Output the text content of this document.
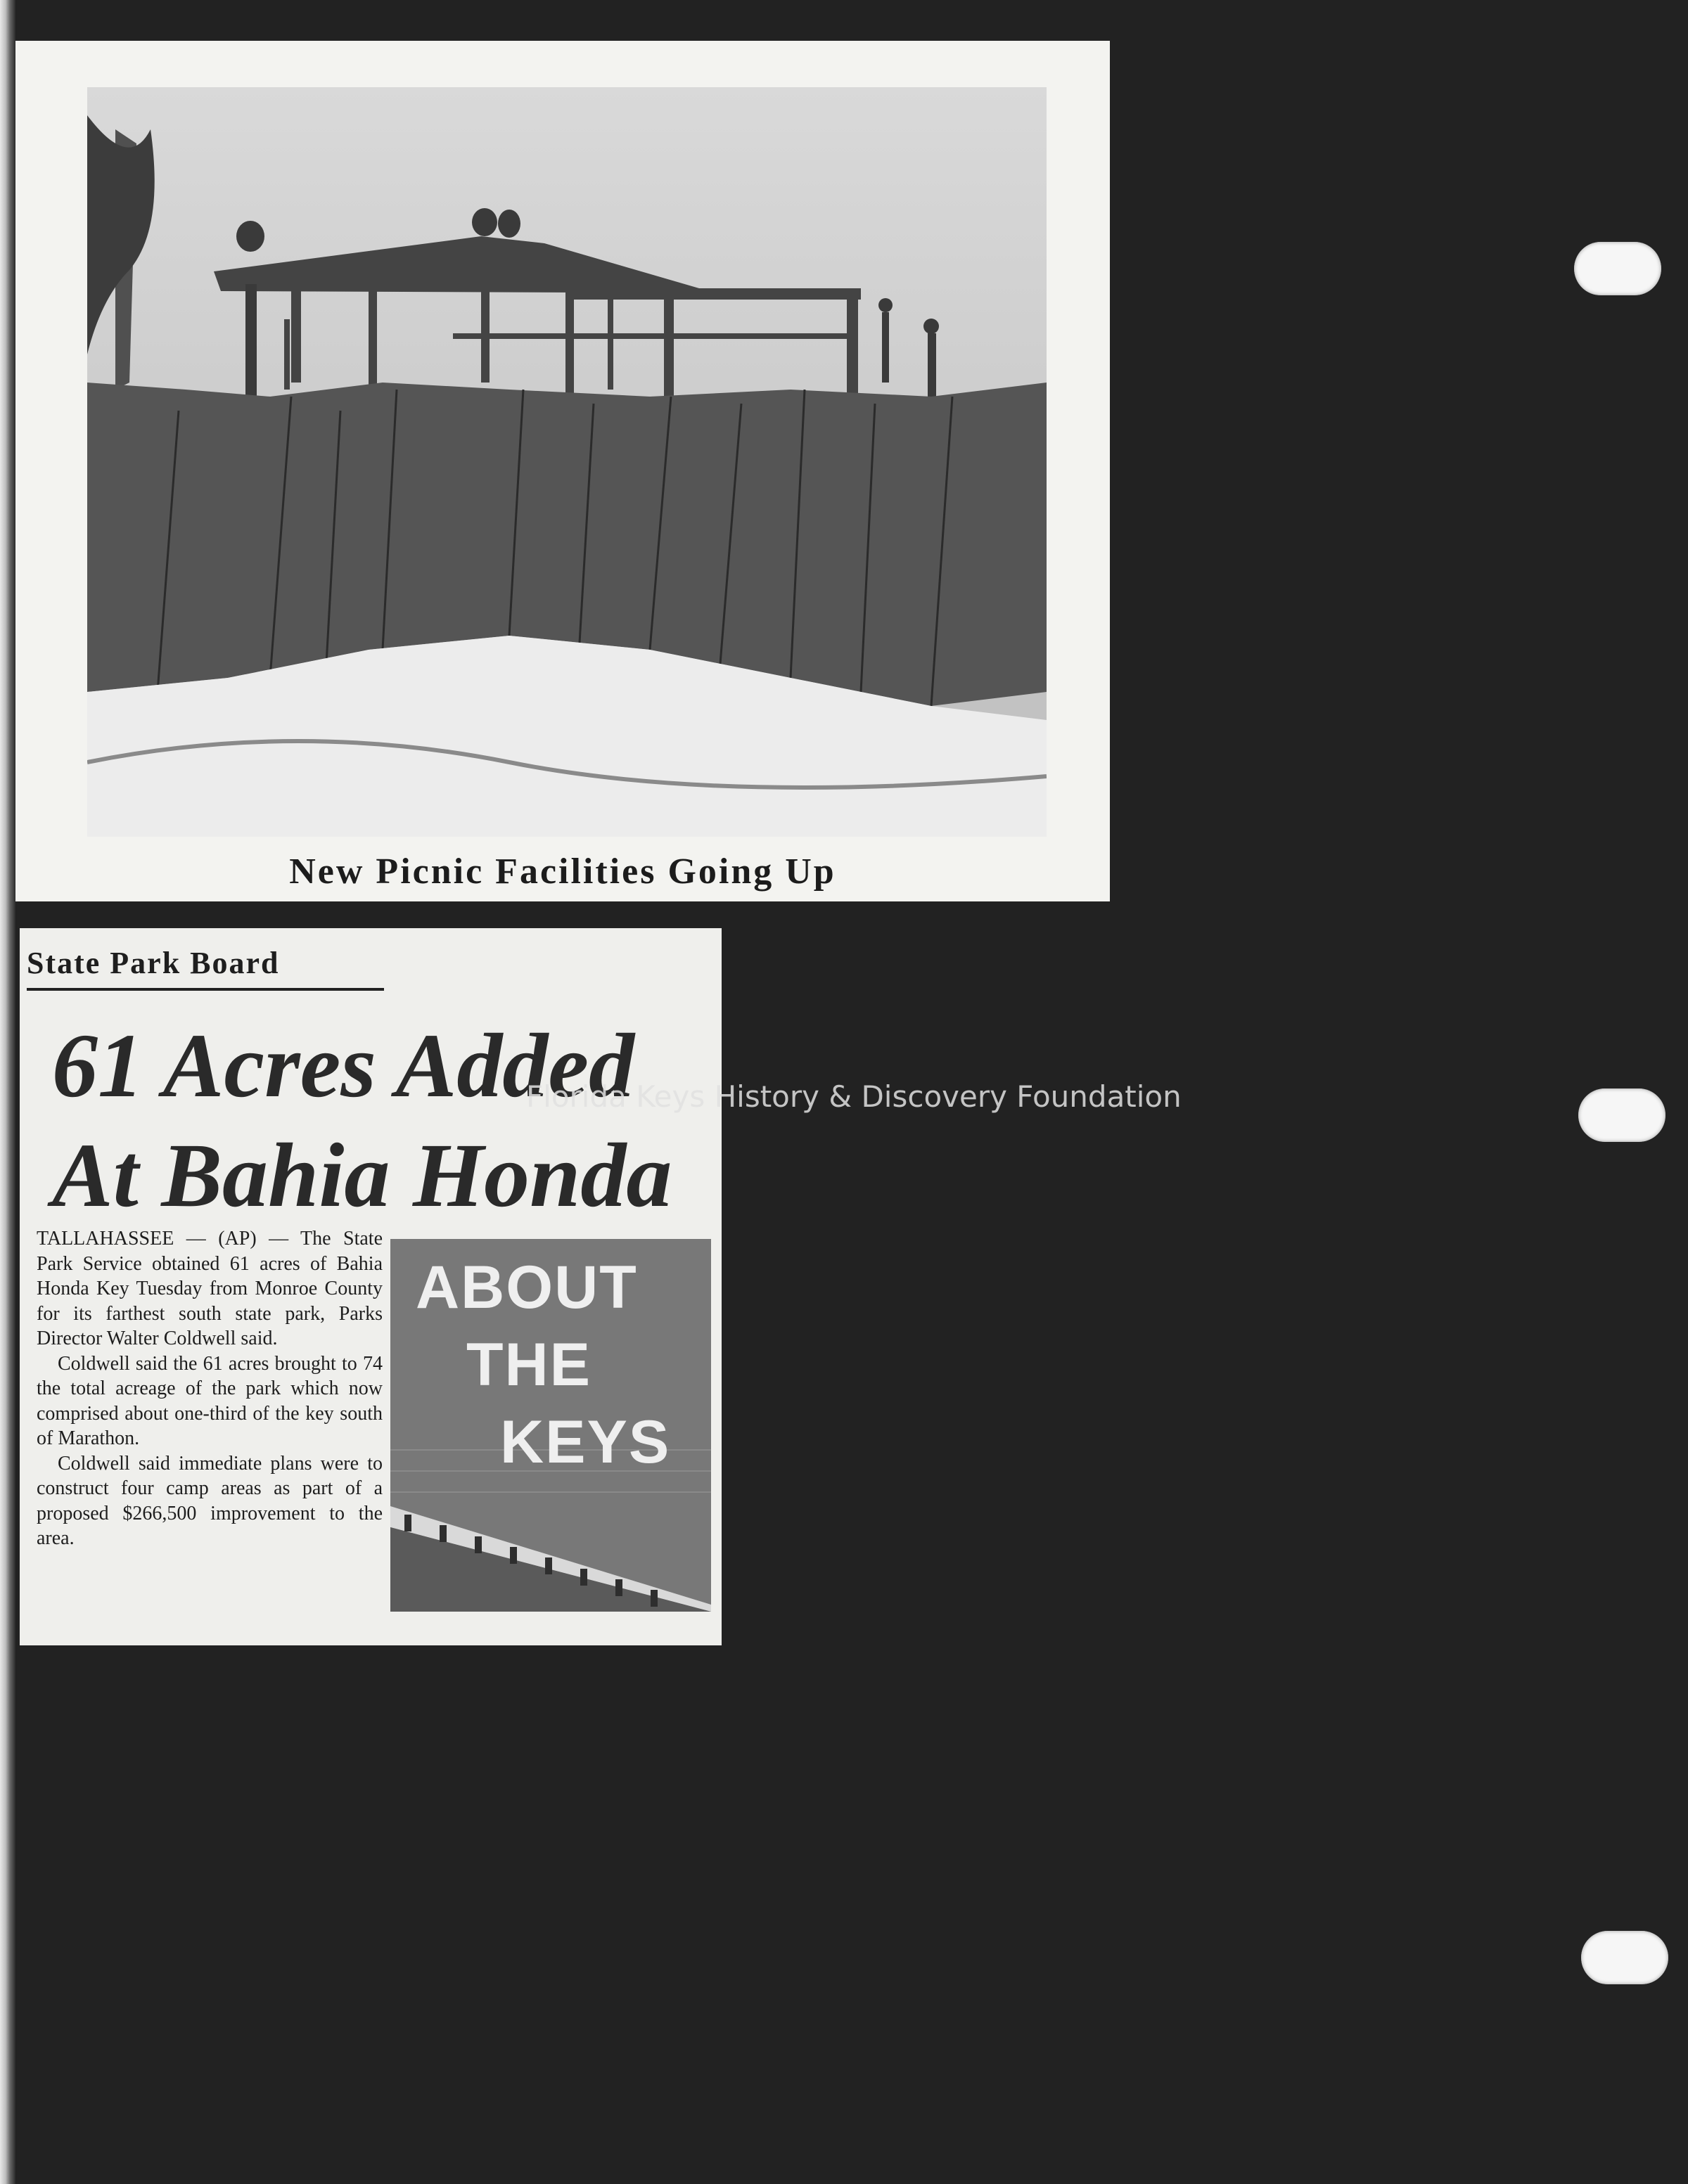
New Picnic Facilities Going Up
State Park Board
61 Acres Added
At Bahia Honda

TALLAHASSEE — (AP) — The State Park Service obtained 61 acres of Bahia Honda Key Tuesday from Monroe County for its farthest south state park, Parks Director Walter Coldwell said.

Coldwell said the 61 acres brought to 74 the total acreage of the park which now comprised about one-third of the key south of Marathon.

Coldwell said immediate plans were to construct four camp areas as part of a proposed $266,500 improvement to the area.

ABOUT
THE
KEYS
Florida Keys History & Discovery Foundation
